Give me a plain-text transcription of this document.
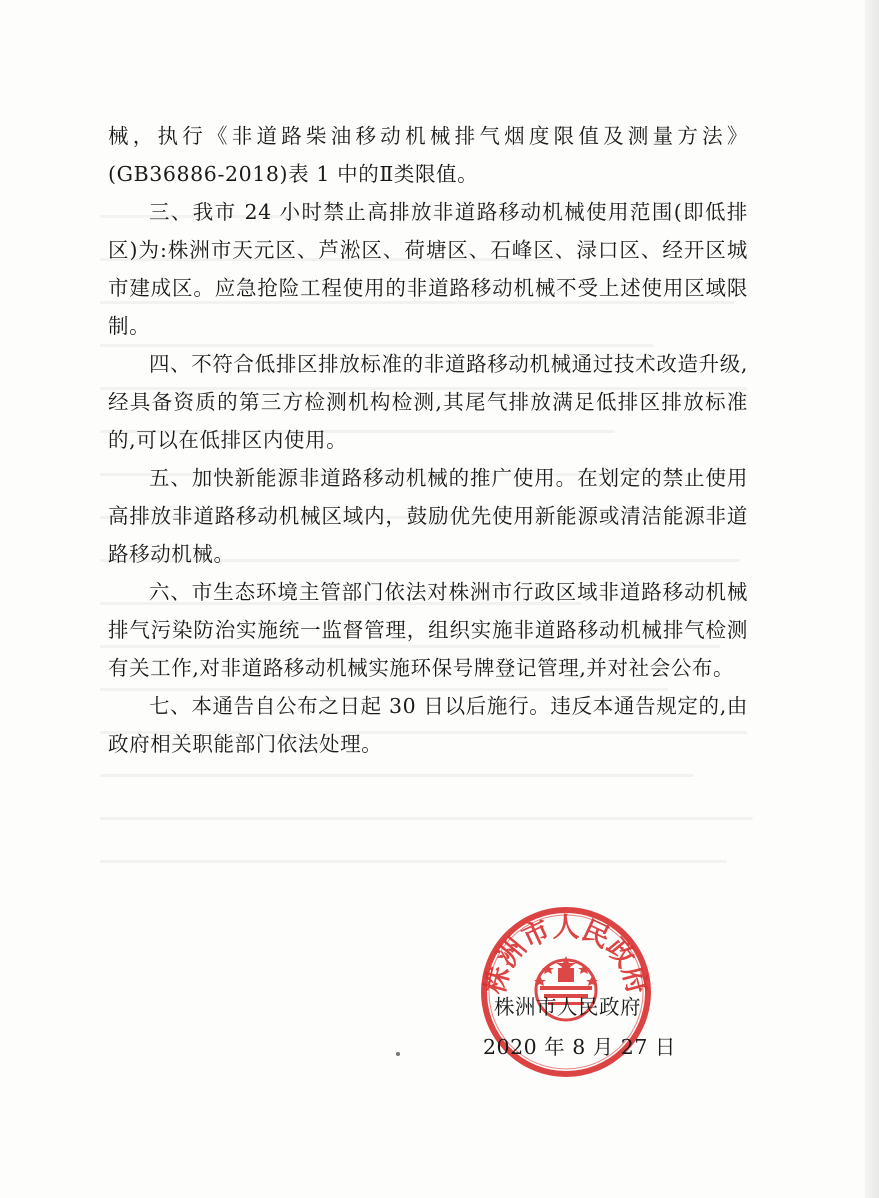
械，执行《非道路柴油移动机械排气烟度限值及测量方法》(GB36886-2018)表 1 中的Ⅱ类限值。

三、我市 24 小时禁止高排放非道路移动机械使用范围(即低排区)为:株洲市天元区、芦淞区、荷塘区、石峰区、渌口区、经开区城市建成区。应急抢险工程使用的非道路移动机械不受上述使用区域限制。

四、不符合低排区排放标准的非道路移动机械通过技术改造升级,经具备资质的第三方检测机构检测,其尾气排放满足低排区排放标准的,可以在低排区内使用。

五、加快新能源非道路移动机械的推广使用。在划定的禁止使用高排放非道路移动机械区域内，鼓励优先使用新能源或清洁能源非道路移动机械。

六、市生态环境主管部门依法对株洲市行政区域非道路移动机械排气污染防治实施统一监督管理，组织实施非道路移动机械排气检测有关工作,对非道路移动机械实施环保号牌登记管理,并对社会公布。

七、本通告自公布之日起 30 日以后施行。违反本通告规定的,由政府相关职能部门依法处理。

株洲市人民政府
株洲市人民政府
2020 年 8 月 27 日
